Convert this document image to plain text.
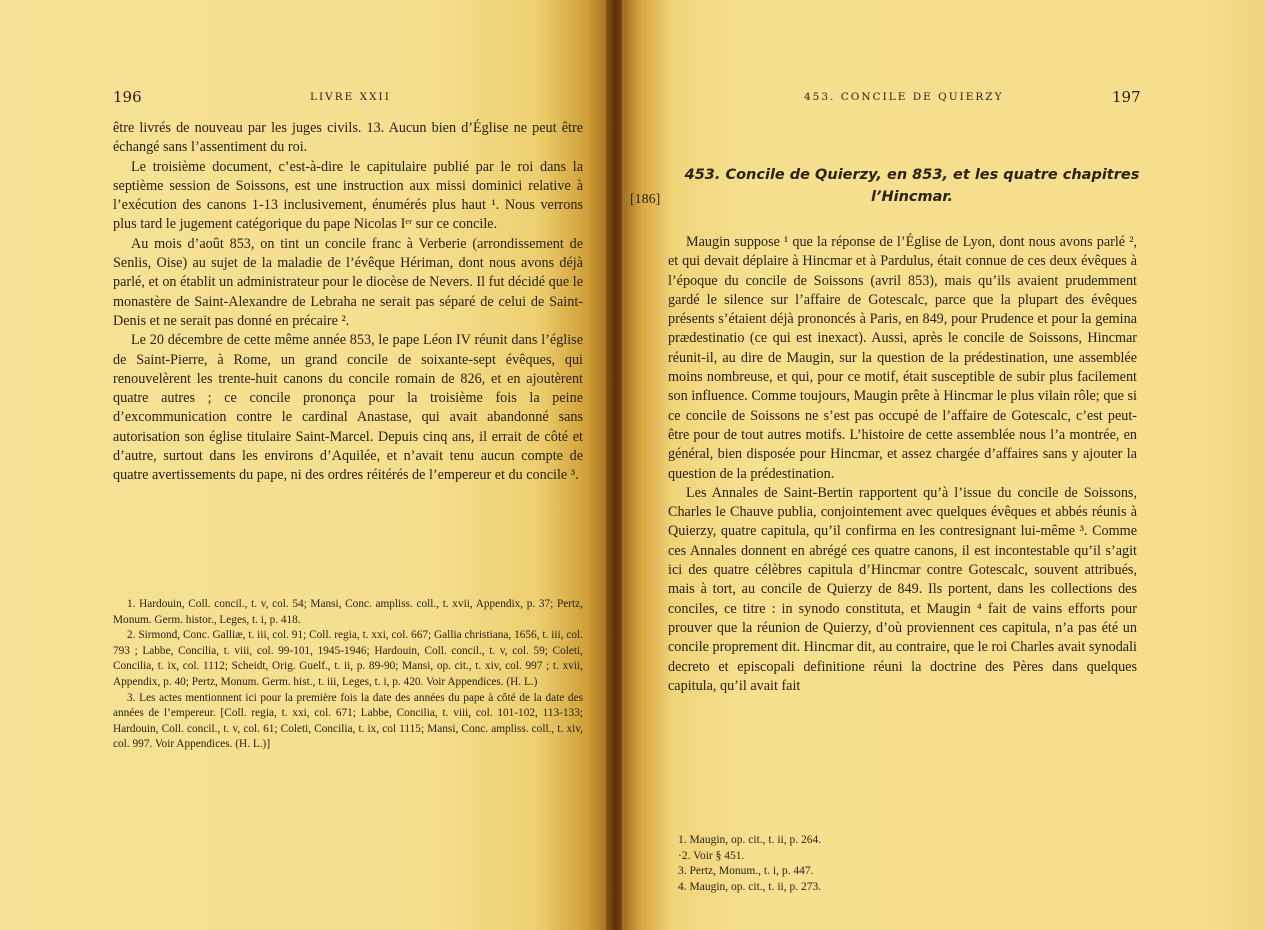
196	LIVRE XXII

être livrés de nouveau par les juges civils. 13. Aucun bien d’Église ne peut être échangé sans l’assentiment du roi.

Le troisième document, c’est-à-dire le capitulaire publié par le roi dans la septième session de Soissons, est une instruction aux missi dominici relative à l’exécution des canons 1-13 inclusivement, énumérés plus haut ¹. Nous verrons plus tard le jugement catégorique du pape Nicolas Iᵉʳ sur ce concile.

Au mois d’août 853, on tint un concile franc à Verberie (arrondissement de Senlis, Oise) au sujet de la maladie de l’évêque Hériman, dont nous avons déjà parlé, et on établit un administrateur pour le diocèse de Nevers. Il fut décidé que le monastère de Saint-Alexandre de Lebraha ne serait pas séparé de celui de Saint-Denis et ne serait pas donné en précaire ².

Le 20 décembre de cette même année 853, le pape Léon IV réunit dans l’église de Saint-Pierre, à Rome, un grand concile de soixante-sept évêques, qui renouvelèrent les trente-huit canons du concile romain de 826, et en ajoutèrent quatre autres ; ce concile prononça pour la troisième fois la peine d’excommunication contre le cardinal Anastase, qui avait abandonné sans autorisation son église titulaire Saint-Marcel. Depuis cinq ans, il errait de côté et d’autre, surtout dans les environs d’Aquilée, et n’avait tenu aucun compte de quatre avertissements du pape, ni des ordres réitérés de l’empereur et du concile ³.

1. Hardouin, Coll. concil., t. v, col. 54; Mansi, Conc. ampliss. coll., t. xvii, Appendix, p. 37; Pertz, Monum. Germ. histor., Leges, t. i, p. 418.

2. Sirmond, Conc. Galliæ, t. iii, col. 91; Coll. regia, t. xxi, col. 667; Gallia christiana, 1656, t. iii, col. 793 ; Labbe, Concilia, t. viii, col. 99-101, 1945-1946; Hardouin, Coll. concil., t. v, col. 59; Coleti, Concilia, t. ix, col. 1112; Scheidt, Orig. Guelf., t. ii, p. 89-90; Mansi, op. cit., t. xiv, col. 997 ; t. xvii, Appendix, p. 40; Pertz, Monum. Germ. hist., t. iii, Leges, t. i, p. 420. Voir Appendices. (H. L.)

3. Les actes mentionnent ici pour la première fois la date des années du pape à côté de la date des années de l’empereur. [Coll. regia, t. xxi, col. 671; Labbe, Concilia, t. viii, col. 101-102, 113-133; Hardouin, Coll. concil., t. v, col. 61; Coleti, Concilia, t. ix, col 1115; Mansi, Conc. ampliss. coll., t. xiv, col. 997. Voir Appendices. (H. L.)]

453. CONCILE DE QUIERZY	197
[186]
453. Concile de Quierzy, en 853, et les quatre chapitres
l’Hincmar.

Maugin suppose ¹ que la réponse de l’Église de Lyon, dont nous avons parlé ², et qui devait déplaire à Hincmar et à Pardulus, était connue de ces deux évêques à l’époque du concile de Soissons (avril 853), mais qu’ils avaient prudemment gardé le silence sur l’affaire de Gotescalc, parce que la plupart des évêques présents s’étaient déjà prononcés à Paris, en 849, pour Prudence et pour la gemina prædestinatio (ce qui est inexact). Aussi, après le concile de Soissons, Hincmar réunit-il, au dire de Maugin, sur la question de la prédestination, une assemblée moins nombreuse, et qui, pour ce motif, était susceptible de subir plus facilement son influence. Comme toujours, Maugin prête à Hincmar le plus vilain rôle; que si ce concile de Soissons ne s’est pas occupé de l’affaire de Gotescalc, c’est peut-être pour de tout autres motifs. L’histoire de cette assemblée nous l’a montrée, en général, bien disposée pour Hincmar, et assez chargée d’affaires sans y ajouter la question de la prédestination.

Les Annales de Saint-Bertin rapportent qu’à l’issue du concile de Soissons, Charles le Chauve publia, conjointement avec quelques évêques et abbés réunis à Quierzy, quatre capitula, qu’il confirma en les contresignant lui-même ³. Comme ces Annales donnent en abrégé ces quatre canons, il est incontestable qu’il s’agit ici des quatre célèbres capitula d’Hincmar contre Gotescalc, souvent attribués, mais à tort, au concile de Quierzy de 849. Ils portent, dans les collections des conciles, ce titre : in synodo constituta, et Maugin ⁴ fait de vains efforts pour prouver que la réunion de Quierzy, d’où proviennent ces capitula, n’a pas été un concile proprement dit. Hincmar dit, au contraire, que le roi Charles avait synodali decreto et episcopali definitione réuni la doctrine des Pères dans quelques capitula, qu’il avait fait

1. Maugin, op. cit., t. ii, p. 264.
·2. Voir § 451.
3. Pertz, Monum., t. i, p. 447.
4. Maugin, op. cit., t. ii, p. 273.
